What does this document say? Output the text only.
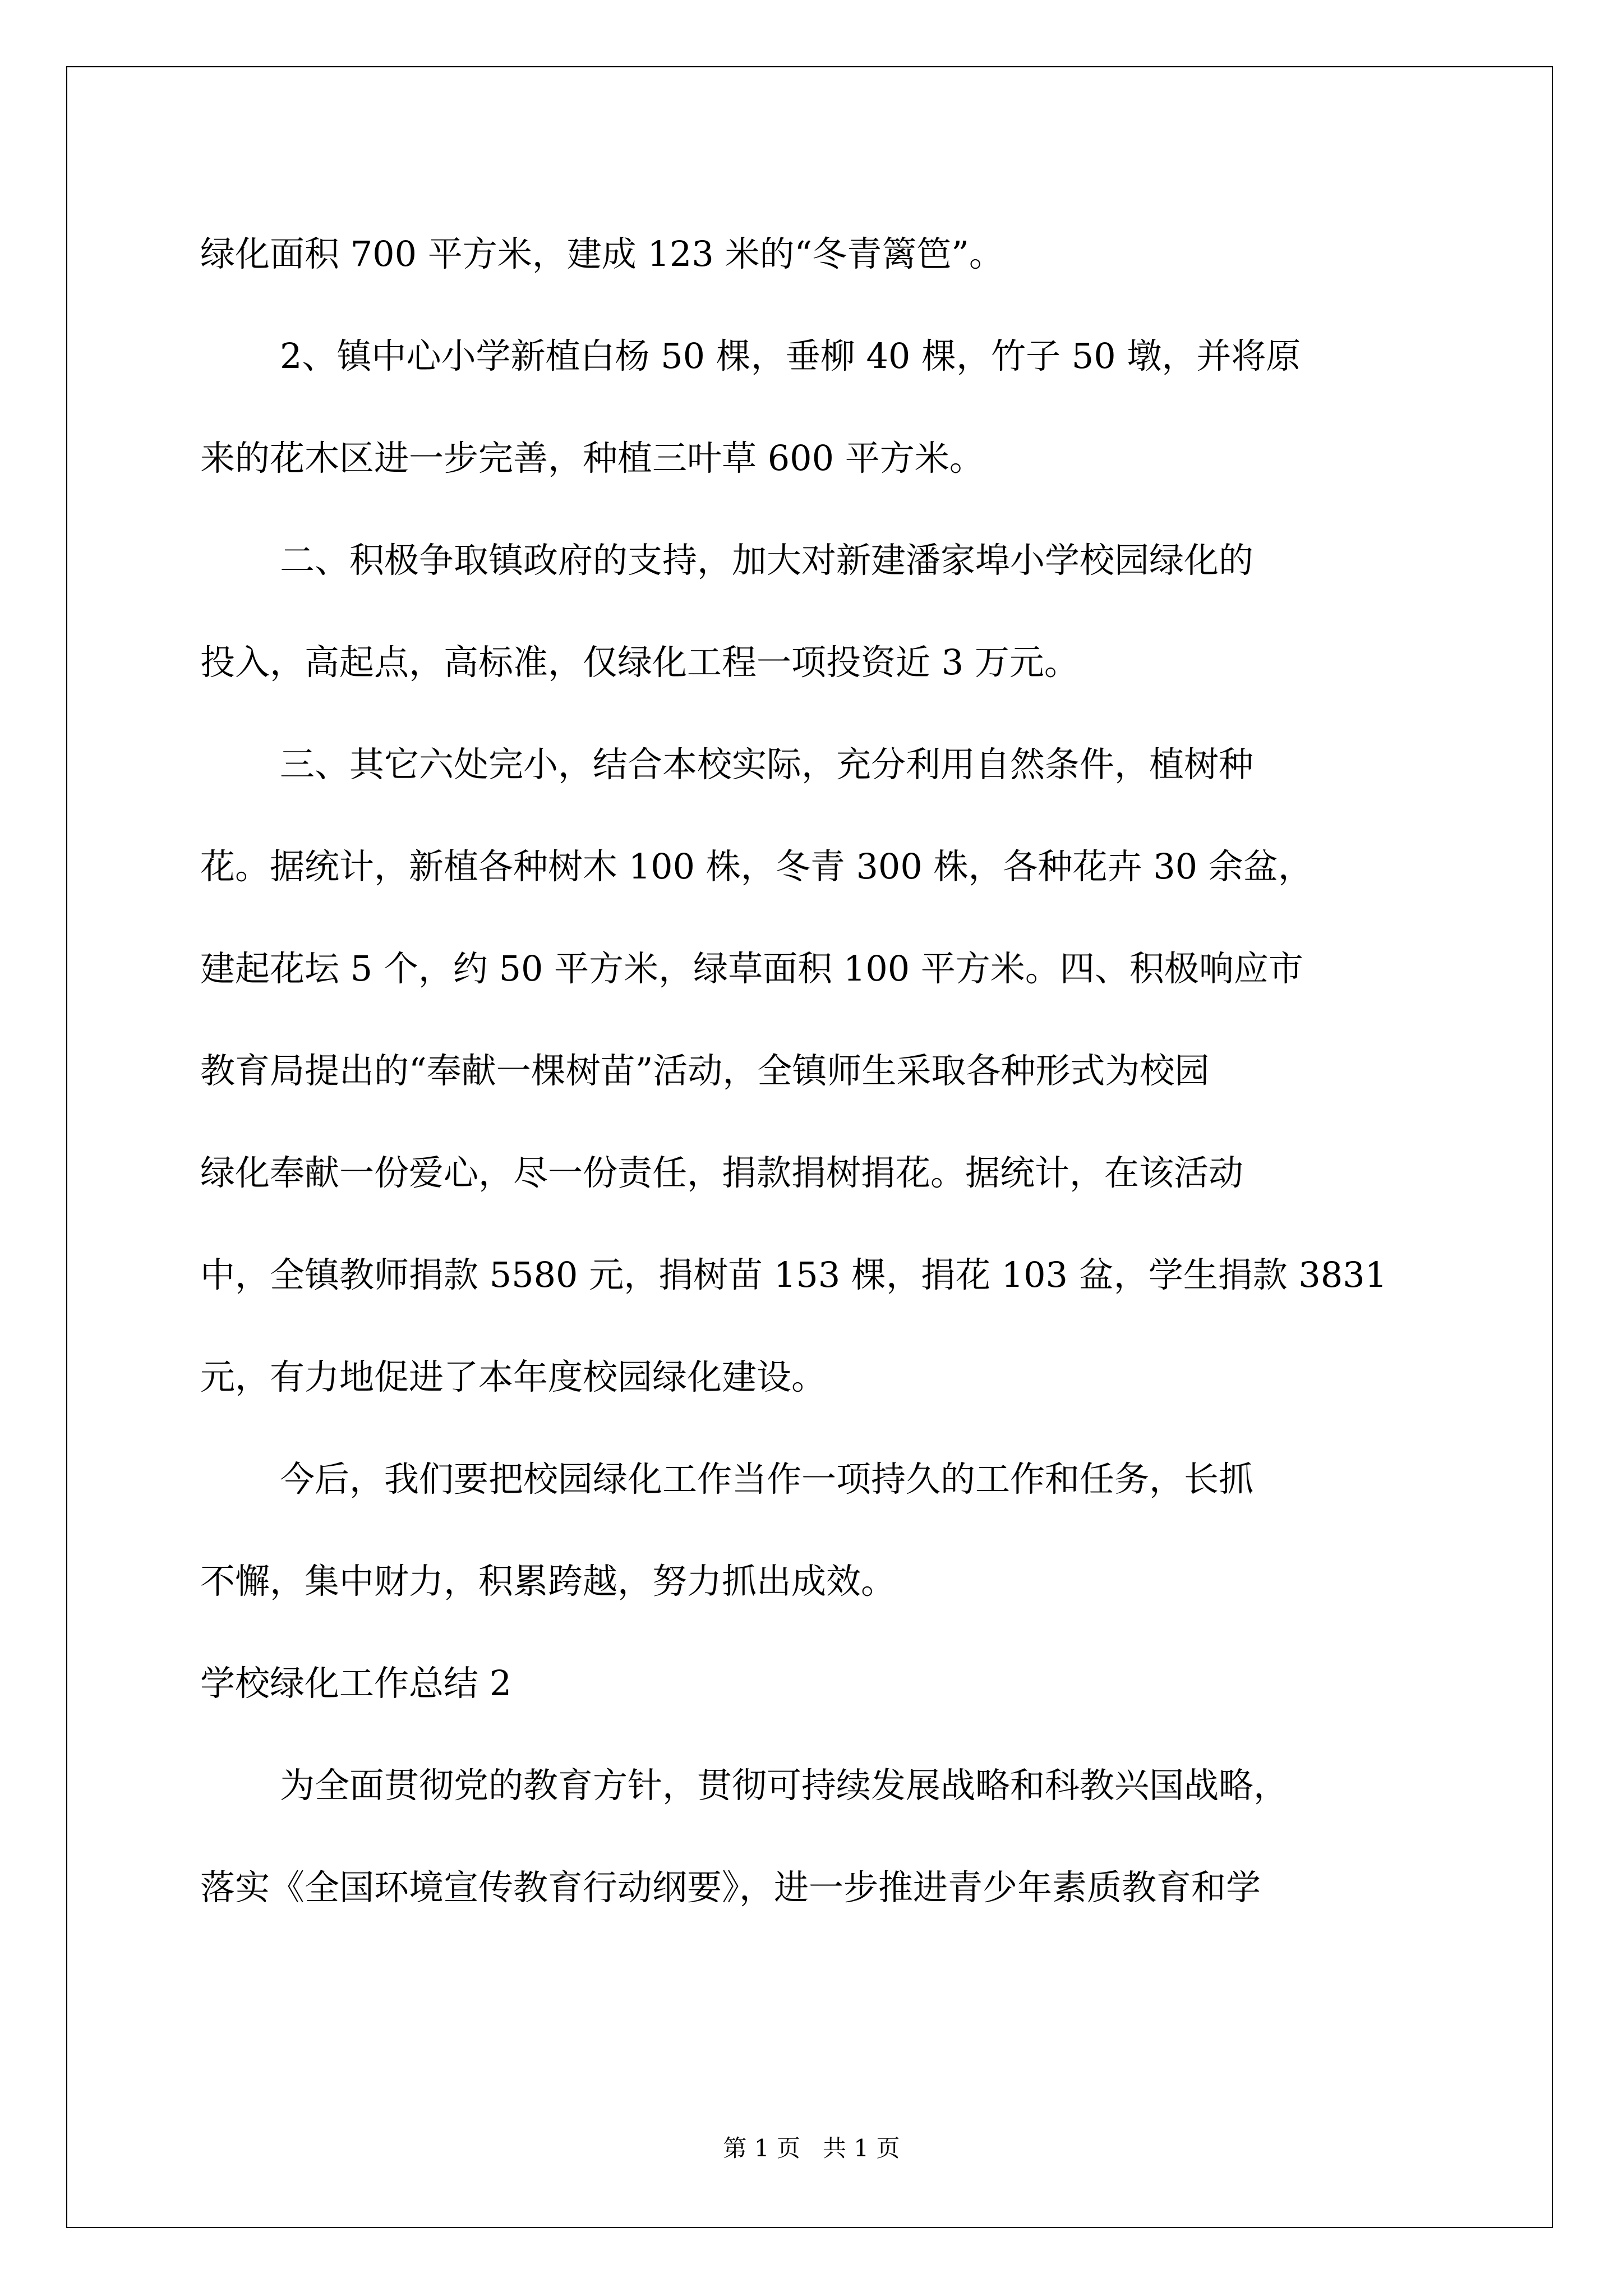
绿化面积 700 平方米，建成 123 米的“冬青篱笆”。
2、镇中心小学新植白杨 50 棵，垂柳 40 棵，竹子 50 墩，并将原
来的花木区进一步完善，种植三叶草 600 平方米。
二、积极争取镇政府的支持，加大对新建潘家埠小学校园绿化的
投入，高起点，高标准，仅绿化工程一项投资近 3 万元。
三、其它六处完小，结合本校实际，充分利用自然条件，植树种
花。据统计，新植各种树木 100 株，冬青 300 株，各种花卉 30 余盆，
建起花坛 5 个，约 50 平方米，绿草面积 100 平方米。四、积极响应市
教育局提出的“奉献一棵树苗”活动，全镇师生采取各种形式为校园
绿化奉献一份爱心，尽一份责任，捐款捐树捐花。据统计，在该活动
中，全镇教师捐款 5580 元，捐树苗 153 棵，捐花 103 盆，学生捐款 3831
元，有力地促进了本年度校园绿化建设。
今后，我们要把校园绿化工作当作一项持久的工作和任务，长抓
不懈，集中财力，积累跨越，努力抓出成效。
学校绿化工作总结 2
为全面贯彻党的教育方针，贯彻可持续发展战略和科教兴国战略，
落实《全国环境宣传教育行动纲要》，进一步推进青少年素质教育和学
第 1 页   共 1 页
